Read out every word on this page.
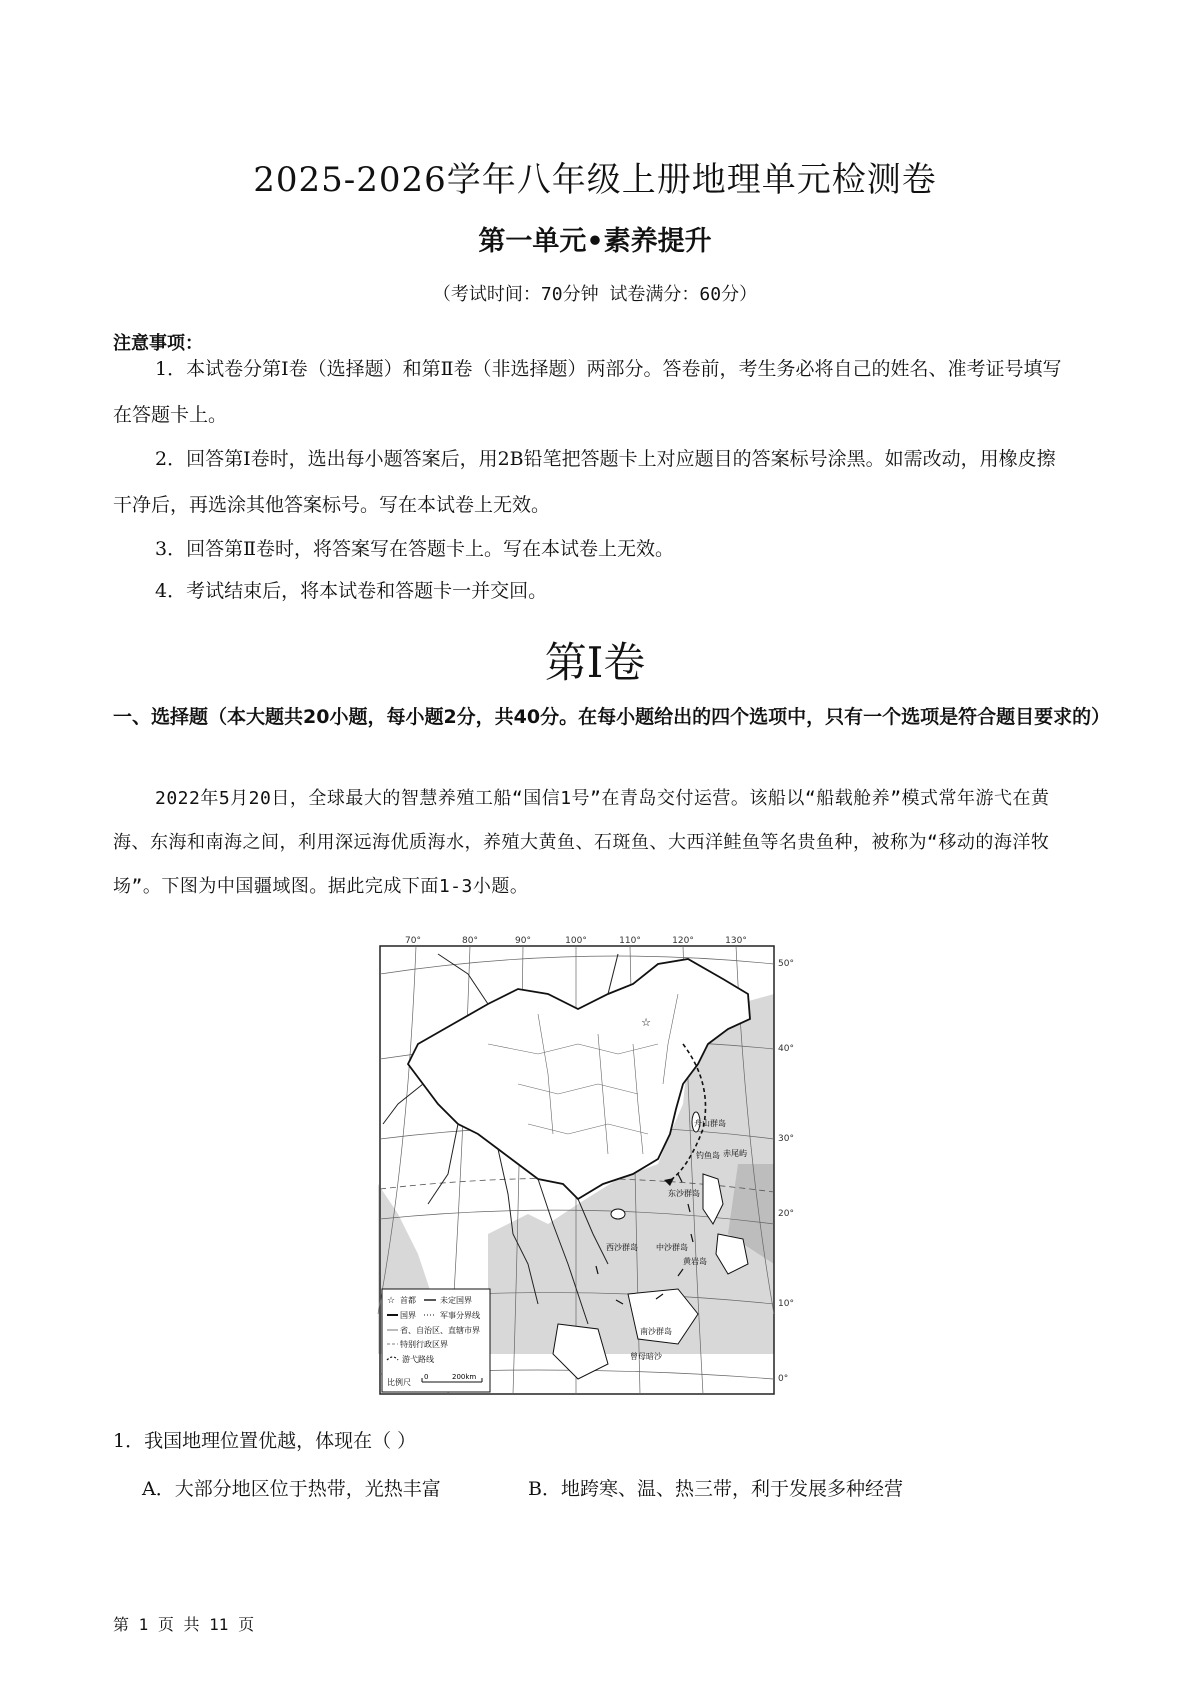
2025-2026学年八年级上册地理单元检测卷
第一单元•素养提升
（考试时间：70分钟 试卷满分：60分）
注意事项：
1．本试卷分第Ⅰ卷（选择题）和第Ⅱ卷（非选择题）两部分。答卷前，考生务必将自己的姓名、准考证号填写在答题卡上。
2．回答第Ⅰ卷时，选出每小题答案后，用2B铅笔把答题卡上对应题目的答案标号涂黑。如需改动，用橡皮擦干净后，再选涂其他答案标号。写在本试卷上无效。
3．回答第Ⅱ卷时，将答案写在答题卡上。写在本试卷上无效。
4．考试结束后，将本试卷和答题卡一并交回。
第Ⅰ卷
一、选择题（本大题共20小题，每小题2分，共40分。在每小题给出的四个选项中，只有一个选项是符合题目要求的）
2022年5月20日，全球最大的智慧养殖工船“国信1号”在青岛交付运营。该船以“船载舱养”模式常年游弋在黄海、东海和南海之间，利用深远海优质海水，养殖大黄鱼、石斑鱼、大西洋鲑鱼等名贵鱼种，被称为“移动的海洋牧场”。下图为中国疆域图。据此完成下面1-3小题。
☆
70°	80°	90°	100°	110°	120°	130°
50°
40°
30°
20°
10°
0°
舟山群岛
钓鱼岛 赤尾屿
东沙群岛
西沙群岛 中沙群岛
黄岩岛
南沙群岛
曾母暗沙
☆ 首都	未定国界
国界	军事分界线
省、自治区、直辖市界
特别行政区界
游弋路线
比例尺
0	200km
1．我国地理位置优越，体现在（ ）
A．大部分地区位于热带，光热丰富	B．地跨寒、温、热三带，利于发展多种经营
第 1 页 共 11 页
